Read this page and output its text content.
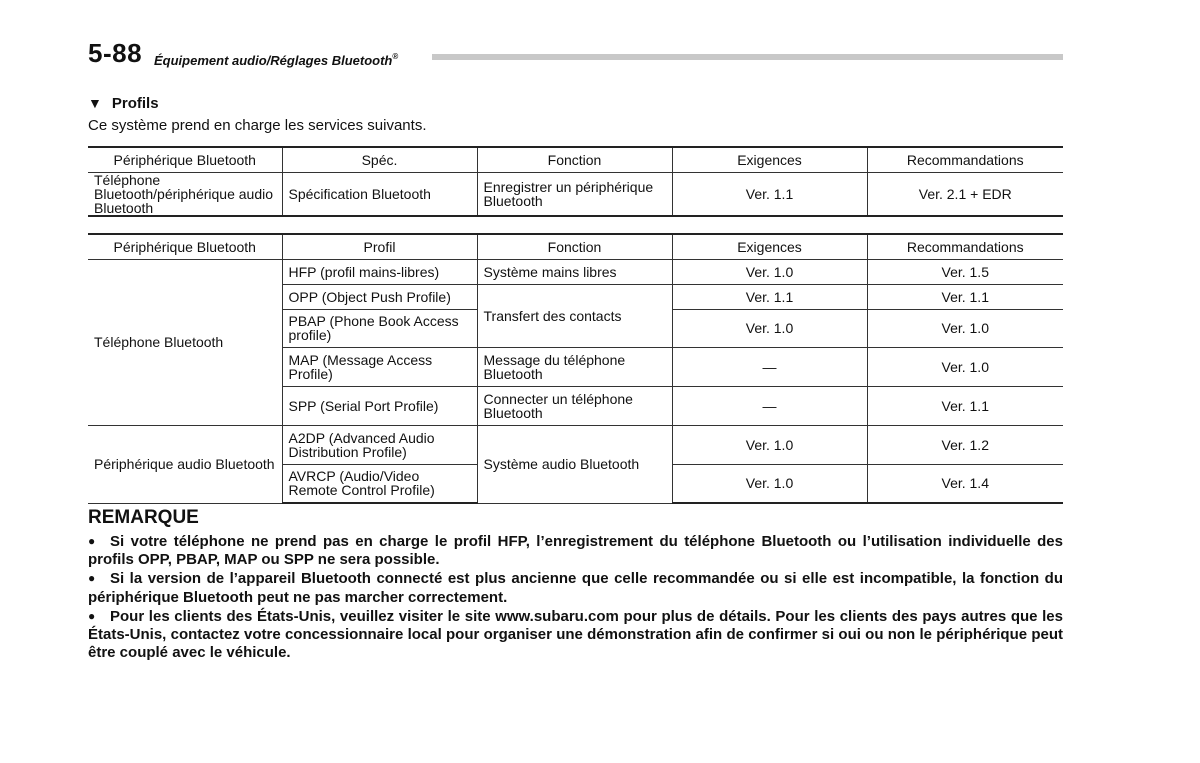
5-88 Équipement audio/Réglages Bluetooth®
▼ Profils
Ce système prend en charge les services suivants.
Périphérique Bluetooth	Spéc.	Fonction	Exigences	Recommandations
Téléphone Bluetooth/périphérique audio Bluetooth	Spécification Bluetooth	Enregistrer un périphérique Bluetooth	Ver. 1.1	Ver. 2.1 + EDR
Périphérique Bluetooth	Profil	Fonction	Exigences	Recommandations
Téléphone Bluetooth	HFP (profil mains-libres)	Système mains libres	Ver. 1.0	Ver. 1.5
	OPP (Object Push Profile)	Transfert des contacts	Ver. 1.1	Ver. 1.1
	PBAP (Phone Book Access profile)		Ver. 1.0	Ver. 1.0
	MAP (Message Access Profile)	Message du téléphone Bluetooth	—	Ver. 1.0
	SPP (Serial Port Profile)	Connecter un téléphone Bluetooth	—	Ver. 1.1
Périphérique audio Bluetooth	A2DP (Advanced Audio Distribution Profile)	Système audio Bluetooth	Ver. 1.0	Ver. 1.2
	AVRCP (Audio/Video Remote Control Profile)		Ver. 1.0	Ver. 1.4
REMARQUE

● Si votre téléphone ne prend pas en charge le profil HFP, l’enregistrement du téléphone Bluetooth ou l’utilisation individuelle des profils OPP, PBAP, MAP ou SPP ne sera possible.

● Si la version de l’appareil Bluetooth connecté est plus ancienne que celle recommandée ou si elle est incompatible, la fonction du périphérique Bluetooth peut ne pas marcher correctement.

● Pour les clients des États-Unis, veuillez visiter le site www.subaru.com pour plus de détails. Pour les clients des pays autres que les États-Unis, contactez votre concessionnaire local pour organiser une démonstration afin de confirmer si oui ou non le périphérique peut être couplé avec le véhicule.
